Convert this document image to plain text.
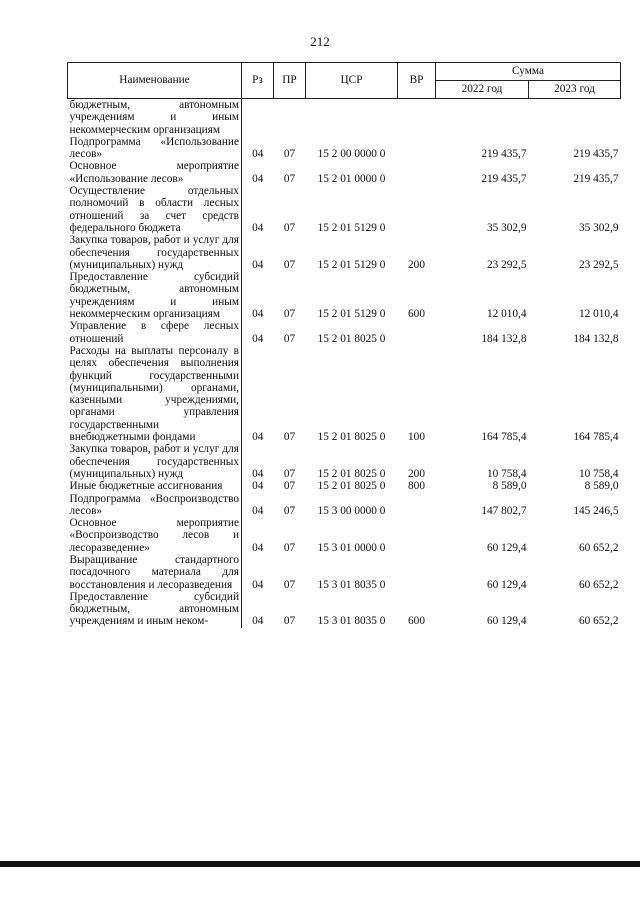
212
Наименование	Рз	ПР	ЦСР	ВР	Сумма	
					2022 год	2023 год
бюджетным, автономным учреждениям и иным некоммерческим организациям						
Подпрограмма «Использование лесов»	04	07	15 2 00 0000 0		219 435,7	219 435,7
Основное мероприятие «Использование лесов»	04	07	15 2 01 0000 0		219 435,7	219 435,7
Осуществление отдельных полномочий в области лесных отношений за счет средств федерального бюджета	04	07	15 2 01 5129 0		35 302,9	35 302,9
Закупка товаров, работ и услуг для обеспечения государственных (муниципальных) нужд	04	07	15 2 01 5129 0	200	23 292,5	23 292,5
Предоставление субсидий бюджетным, автономным учреждениям и иным некоммерческим организациям	04	07	15 2 01 5129 0	600	12 010,4	12 010,4
Управление в сфере лесных отношений	04	07	15 2 01 8025 0		184 132,8	184 132,8
Расходы на выплаты персоналу в целях обеспечения выполнения функций государственными (муниципальными) органами, казенными учреждениями, органами управления государственными внебюджетными фондами	04	07	15 2 01 8025 0	100	164 785,4	164 785,4
Закупка товаров, работ и услуг для обеспечения государственных (муниципальных) нужд	04	07	15 2 01 8025 0	200	10 758,4	10 758,4
Иные бюджетные ассигнования	04	07	15 2 01 8025 0	800	8 589,0	8 589,0
Подпрограмма «Воспроизводство лесов»	04	07	15 3 00 0000 0		147 802,7	145 246,5
Основное мероприятие «Воспроизводство лесов и лесоразведение»	04	07	15 3 01 0000 0		60 129,4	60 652,2
Выращивание стандартного посадочного материала для восстановления и лесоразведения	04	07	15 3 01 8035 0		60 129,4	60 652,2
Предоставление субсидий бюджетным, автономным учреждениям и иным неком-	04	07	15 3 01 8035 0	600	60 129,4	60 652,2
